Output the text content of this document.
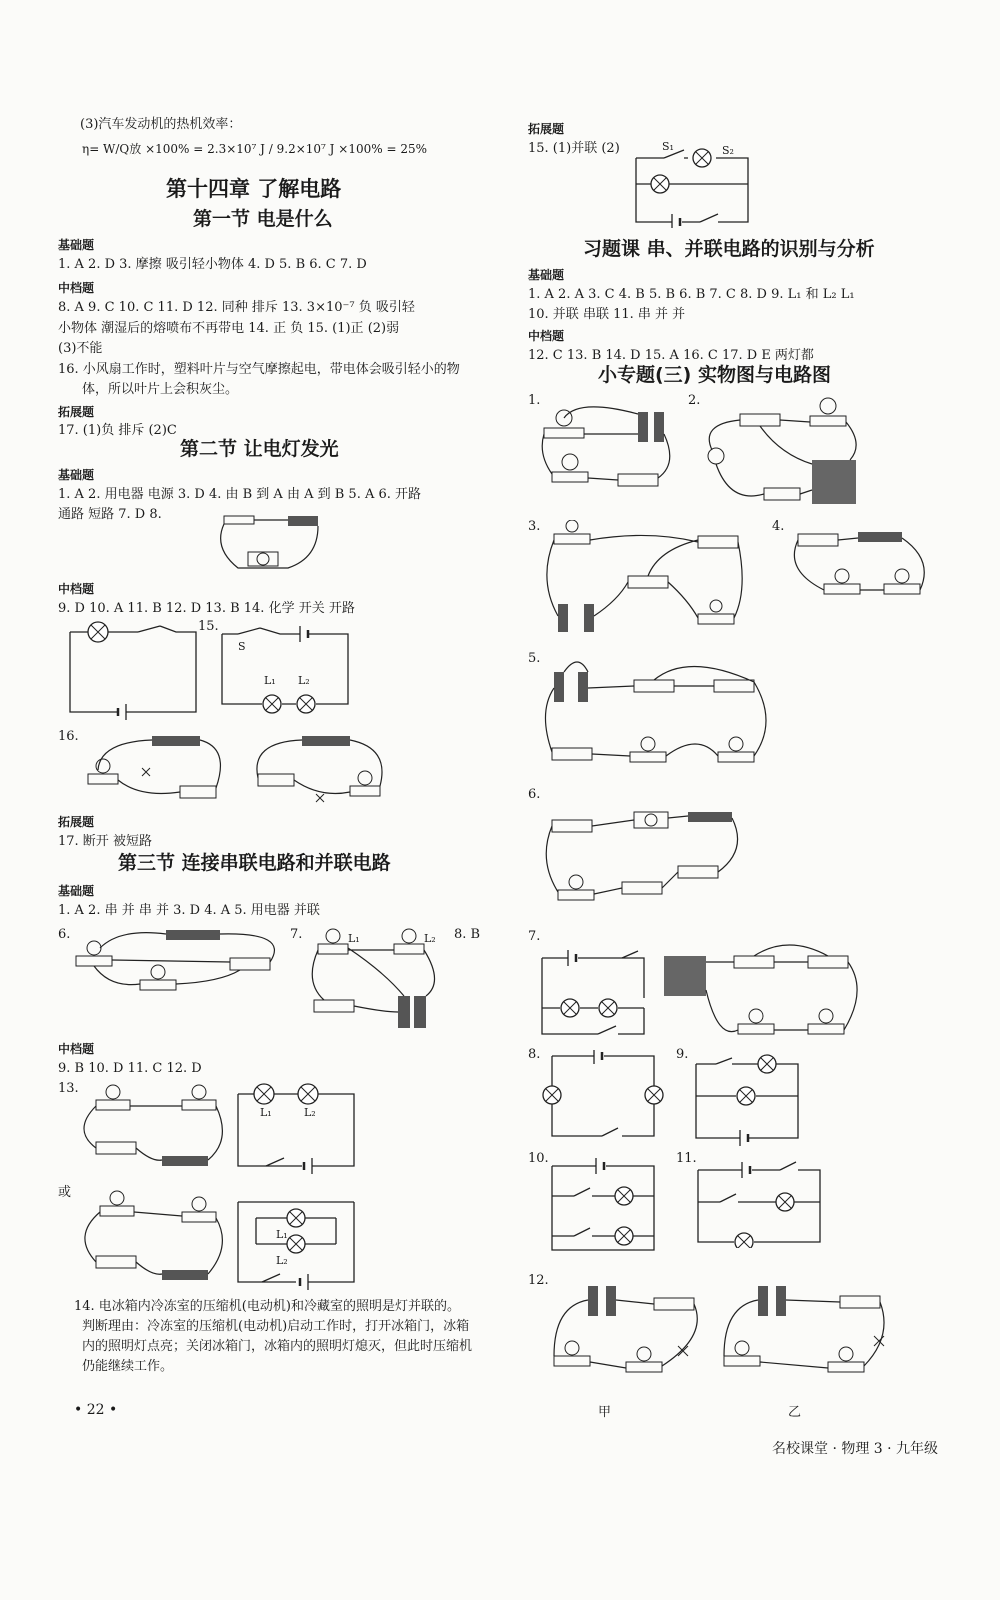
(3)汽车发动机的热机效率：
η= W/Q放 ×100% = 2.3×10⁷ J / 9.2×10⁷ J ×100% = 25%
第十四章 了解电路
第一节 电是什么
基础题
1. A 2. D 3. 摩擦 吸引轻小物体 4. D 5. B 6. C 7. D
中档题
8. A 9. C 10. C 11. D 12. 同种 排斥 13. 3×10⁻⁷ 负 吸引轻
小物体 潮湿后的熔喷布不再带电 14. 正 负 15. (1)正 (2)弱
(3)不能
16. 小风扇工作时，塑料叶片与空气摩擦起电，带电体会吸引轻小的物
体，所以叶片上会积灰尘。
拓展题
17. (1)负 排斥 (2)C
第二节 让电灯发光
基础题
1. A 2. 用电器 电源 3. D 4. 由 B 到 A 由 A 到 B 5. A 6. 开路
通路 短路 7. D 8.
中档题
9. D 10. A 11. B 12. D 13. B 14. 化学 开关 开路
15.
S
L₁ L₂
16.
拓展题
17. 断开 被短路
第三节 连接串联电路和并联电路
基础题
1. A 2. 串 并 串 并 3. D 4. A 5. 用电器 并联
6.	7.	L₁	L₂ 8. B
中档题
9. B 10. D 11. C 12. D
13.
L₁	L₂
或
L₁
L₂
14. 电冰箱内冷冻室的压缩机(电动机)和冷藏室的照明是灯并联的。
判断理由：冷冻室的压缩机(电动机)启动工作时，打开冰箱门，冰箱
内的照明灯点亮；关闭冰箱门，冰箱内的照明灯熄灭，但此时压缩机
仍能继续工作。
• 22 •
拓展题
15. (1)并联 (2)	S₁	S₂
习题课 串、并联电路的识别与分析
基础题
1. A 2. A 3. C 4. B 5. B 6. B 7. C 8. D 9. L₁ 和 L₂ L₁
10. 并联 串联 11. 串 并 并
中档题
12. C 13. B 14. D 15. A 16. C 17. D E 两灯都
小专题(三) 实物图与电路图
1.	2.
3.	4.
5.
6.
7.
8.	9.
10.	11.
12.
甲	乙
名校课堂 · 物理 3 · 九年级
